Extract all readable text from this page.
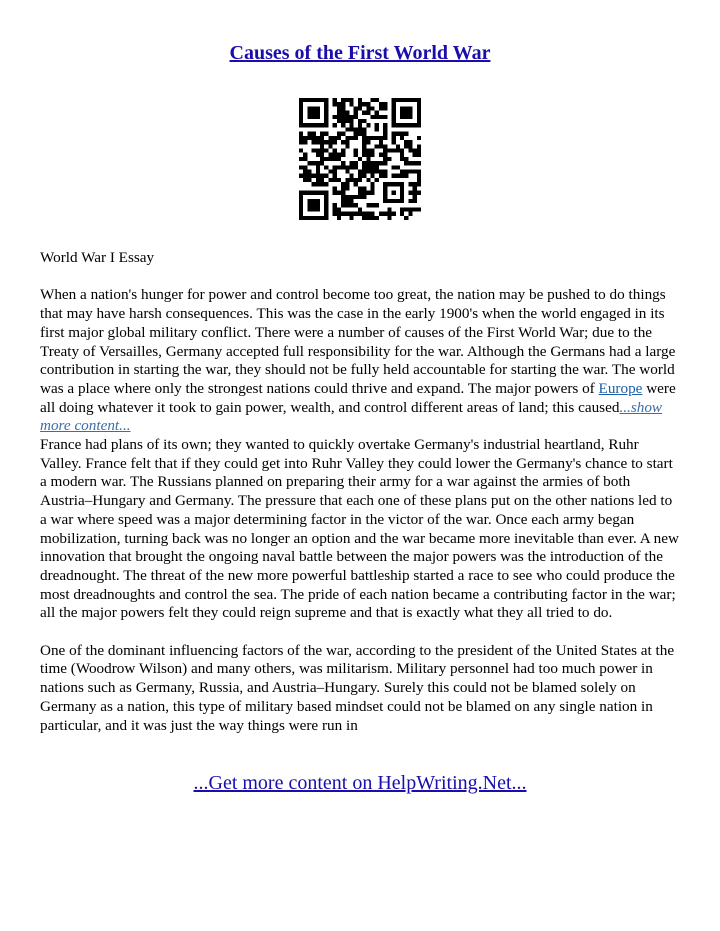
Causes of the First World War

World War I Essay

When a nation's hunger for power and control become too great, the nation may be pushed to do things that may have harsh consequences. This was the case in the early 1900's when the world engaged in its first major global military conflict. There were a number of causes of the First World War; due to the Treaty of Versailles, Germany accepted full responsibility for the war. Although the Germans had a large contribution in starting the war, they should not be fully held accountable for starting the war. The world was a place where only the strongest nations could thrive and expand. The major powers of Europe were all doing whatever it took to gain power, wealth, and control different areas of land; this caused...show more content...

France had plans of its own; they wanted to quickly overtake Germany's industrial heartland, Ruhr Valley. France felt that if they could get into Ruhr Valley they could lower the Germany's chance to start a modern war. The Russians planned on preparing their army for a war against the armies of both Austria–Hungary and Germany. The pressure that each one of these plans put on the other nations led to a war where speed was a major determining factor in the victor of the war. Once each army began mobilization, turning back was no longer an option and the war became more inevitable than ever. A new innovation that brought the ongoing naval battle between the major powers was the introduction of the dreadnought. The threat of the new more powerful battleship started a race to see who could produce the most dreadnoughts and control the sea. The pride of each nation became a contributing factor in the war; all the major powers felt they could reign supreme and that is exactly what they all tried to do.

One of the dominant influencing factors of the war, according to the president of the United States at the time (Woodrow Wilson) and many others, was militarism. Military personnel had too much power in nations such as Germany, Russia, and Austria–Hungary. Surely this could not be blamed solely on Germany as a nation, this type of military based mindset could not be blamed on any single nation in particular, and it was just the way things were run in

...Get more content on HelpWriting.Net...
